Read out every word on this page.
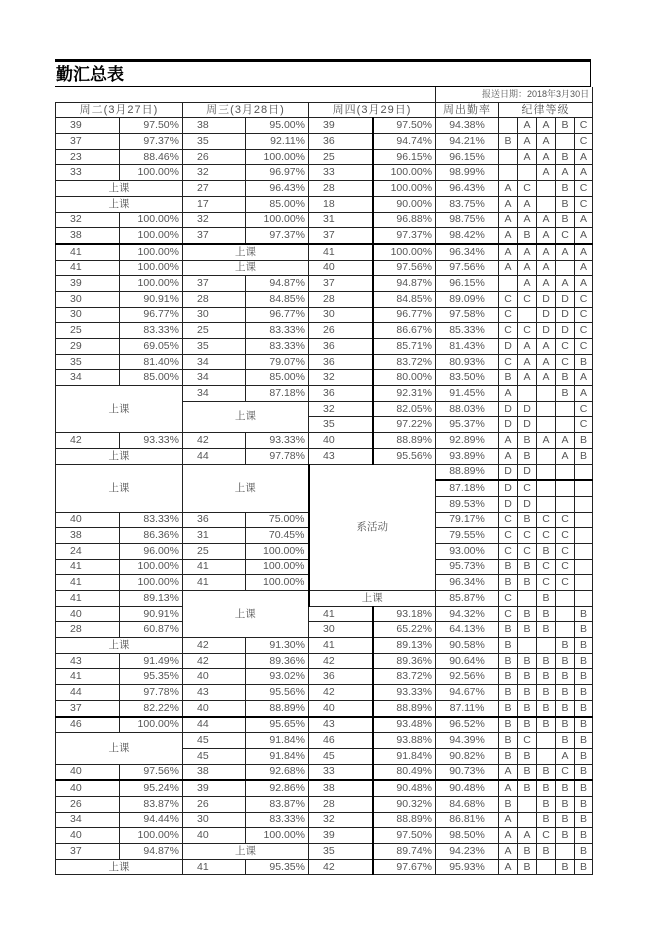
勤汇总表
						报送日期：2018年3月30日					
周二(3月27日)		周三(3月28日)		周四(3月29日)		周出勤率	纪律等级				
39	97.50%	38	95.00%	39	97.50%	94.38%		A	A	B	C
37	97.37%	35	92.11%	36	94.74%	94.21%	B	A	A		C
23	88.46%	26	100.00%	25	96.15%	96.15%		A	A	B	A
33	100.00%	32	96.97%	33	100.00%	98.99%			A	A	A
上课		27	96.43%	28	100.00%	96.43%	A	C		B	C
上课		17	85.00%	18	90.00%	83.75%	A	A		B	C
32	100.00%	32	100.00%	31	96.88%	98.75%	A	A	A	B	A
38	100.00%	37	97.37%	37	97.37%	98.42%	A	B	A	C	A
41	100.00%	上课		41	100.00%	96.34%	A	A	A	A	A
41	100.00%	上课		40	97.56%	97.56%	A	A	A		A
39	100.00%	37	94.87%	37	94.87%	96.15%		A	A	A	A
30	90.91%	28	84.85%	28	84.85%	89.09%	C	C	D	D	C
30	96.77%	30	96.77%	30	96.77%	97.58%	C		D	D	C
25	83.33%	25	83.33%	26	86.67%	85.33%	C	C	D	D	C
29	69.05%	35	83.33%	36	85.71%	81.43%	D	A	A	C	C
35	81.40%	34	79.07%	36	83.72%	80.93%	C	A	A	C	B
34	85.00%	34	85.00%	32	80.00%	83.50%	B	A	A	B	A
上课		34	87.18%	36	92.31%	91.45%	A			B	A
		上课		32	82.05%	88.03%	D	D			C
				35	97.22%	95.37%	D	D			C
42	93.33%	42	93.33%	40	88.89%	92.89%	A	B	A	A	B
上课		44	97.78%	43	95.56%	93.89%	A	B		A	B
上课		上课		系活动		88.89%	D	D			
						87.18%	D	C			
						89.53%	D	D			
40	83.33%	36	75.00%			79.17%	C	B	C	C	
38	86.36%	31	70.45%			79.55%	C	C	C	C	
24	96.00%	25	100.00%			93.00%	C	C	B	C	
41	100.00%	41	100.00%			95.73%	B	B	C	C	
41	100.00%	41	100.00%			96.34%	B	B	C	C	
41	89.13%	上课		上课		85.87%	C		B		
40	90.91%			41	93.18%	94.32%	C	B	B		B
28	60.87%			30	65.22%	64.13%	B	B	B		B
上课		42	91.30%	41	89.13%	90.58%	B			B	B
43	91.49%	42	89.36%	42	89.36%	90.64%	B	B	B	B	B
41	95.35%	40	93.02%	36	83.72%	92.56%	B	B	B	B	B
44	97.78%	43	95.56%	42	93.33%	94.67%	B	B	B	B	B
37	82.22%	40	88.89%	40	88.89%	87.11%	B	B	B	B	B
46	100.00%	44	95.65%	43	93.48%	96.52%	B	B	B	B	B
上课		45	91.84%	46	93.88%	94.39%	B	C		B	B
		45	91.84%	45	91.84%	90.82%	B	B		A	B
40	97.56%	38	92.68%	33	80.49%	90.73%	A	B	B	C	B
40	95.24%	39	92.86%	38	90.48%	90.48%	A	B	B	B	B
26	83.87%	26	83.87%	28	90.32%	84.68%	B		B	B	B
34	94.44%	30	83.33%	32	88.89%	86.81%	A		B	B	B
40	100.00%	40	100.00%	39	97.50%	98.50%	A	A	C	B	B
37	94.87%	上课		35	89.74%	94.23%	A	B	B		B
上课		41	95.35%	42	97.67%	95.93%	A	B		B	B
